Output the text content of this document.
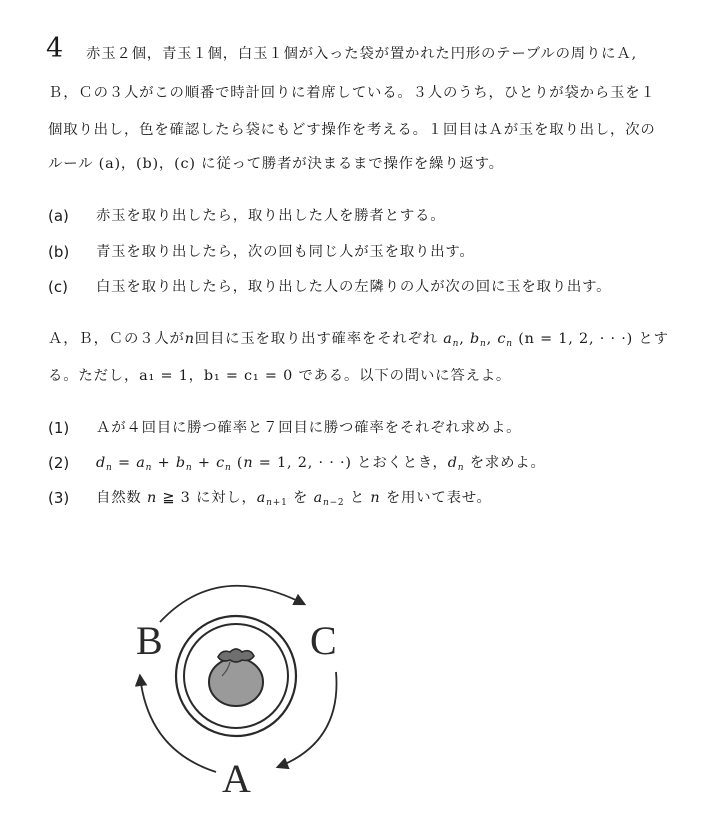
4 赤玉２個，青玉１個，白玉１個が入った袋が置かれた円形のテーブルの周りにＡ,
Ｂ，Ｃの３人がこの順番で時計回りに着席している。３人のうち，ひとりが袋から玉を１
個取り出し，色を確認したら袋にもどす操作を考える。１回目はＡが玉を取り出し，次の
ルール (a)，(b)，(c) に従って勝者が決まるまで操作を繰り返す。
(a) 赤玉を取り出したら，取り出した人を勝者とする。
(b) 青玉を取り出したら，次の回も同じ人が玉を取り出す。
(c) 白玉を取り出したら，取り出した人の左隣りの人が次の回に玉を取り出す。
Ａ，Ｂ，Ｃの３人がn回目に玉を取り出す確率をそれぞれ $a_n$, $b_n$, $c_n$ (n = 1, 2, · · ·) とす
る。ただし，a₁ = 1，b₁ = c₁ = 0 である。以下の問いに答えよ。
(1) Ａが４回目に勝つ確率と７回目に勝つ確率をそれぞれ求めよ。
(2) $d_n = a_n + b_n + c_n$ (n = 1, 2, · · ·) とおくとき，$d_n$ を求めよ。
(3) 自然数 n ≧ 3 に対し，$a_{n+1}$ を $a_{n-2}$ と n を用いて表せ。
B	C
A
